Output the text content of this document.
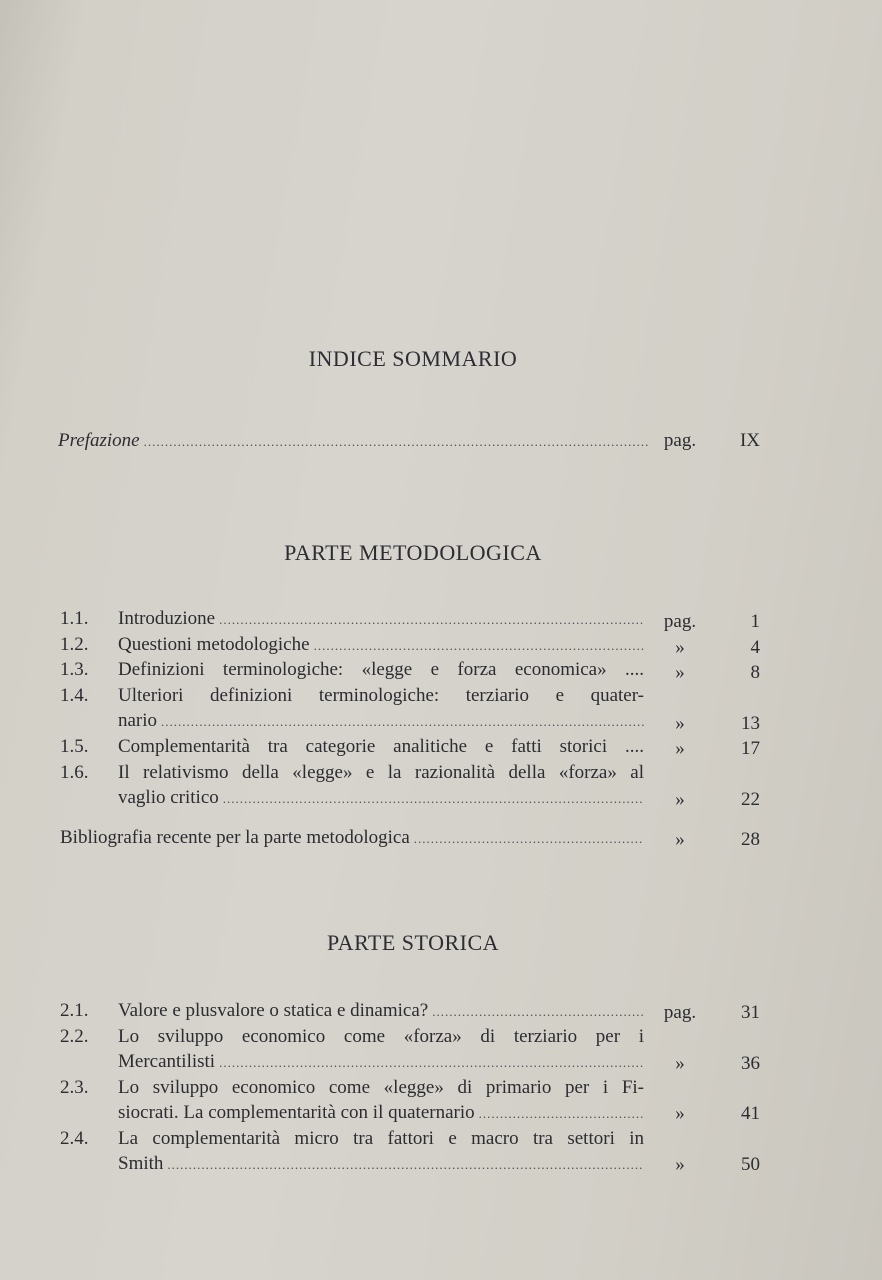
INDICE SOMMARIO
Prefazione .....	pag.	IX
PARTE METODOLOGICA
1.1. Introduzione .....	pag.	1
1.2. Questioni metodologiche .....	»	4
1.3. Definizioni terminologiche: «legge e forza economica» ....	»	8
1.4. Ulteriori definizioni terminologiche: terziario e quater-
nario .....	»	13
1.5. Complementarità tra categorie analitiche e fatti storici ....	»	17
1.6. Il relativismo della «legge» e la razionalità della «forza» al
vaglio critico .....	»	22
Bibliografia recente per la parte metodologica .....	»	28
PARTE STORICA
2.1. Valore e plusvalore o statica e dinamica? .....	pag.	31
2.2. Lo sviluppo economico come «forza» di terziario per i
Mercantilisti .....	»	36
2.3. Lo sviluppo economico come «legge» di primario per i Fi-
siocrati. La complementarità con il quaternario .....	»	41
2.4. La complementarità micro tra fattori e macro tra settori in
Smith .....	»	50
